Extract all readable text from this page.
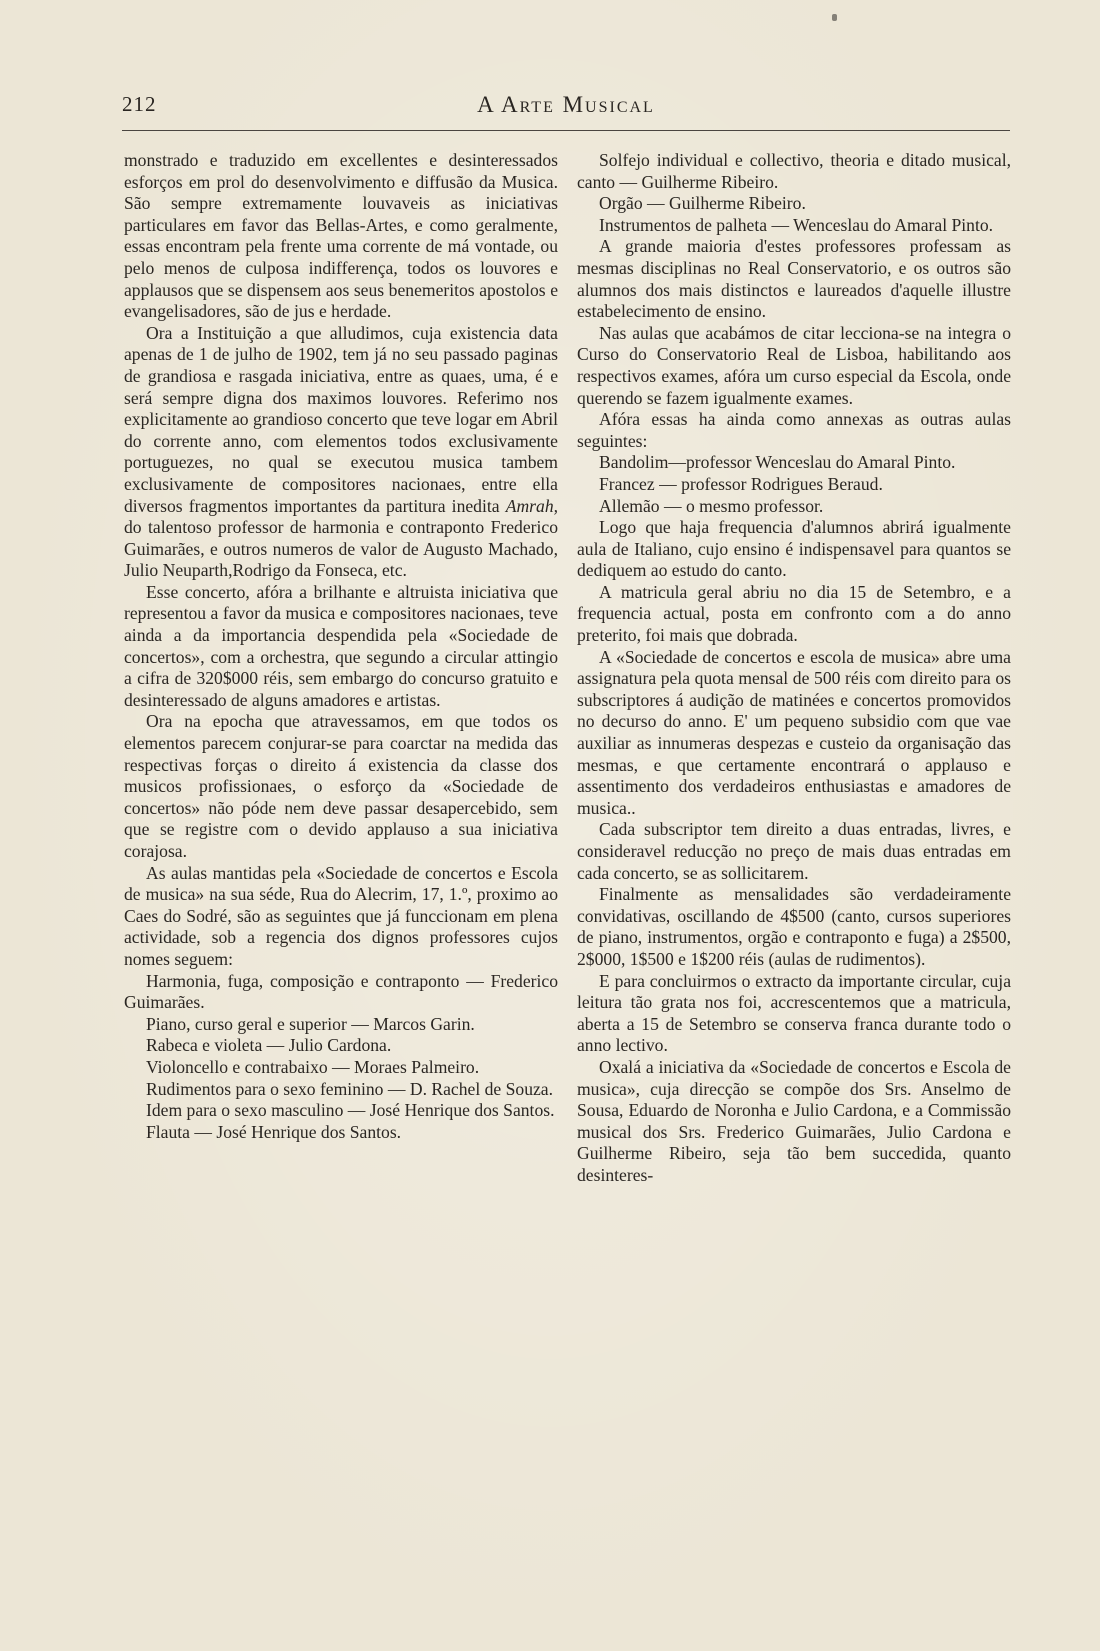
212	A Arte Musical

monstrado e traduzido em excellentes e desinteressados esforços em prol do desenvolvimento e diffusão da Musica. São sempre extremamente louvaveis as iniciativas particulares em favor das Bellas-Artes, e como geralmente, essas encontram pela frente uma corrente de má vontade, ou pelo menos de culposa indifferença, todos os louvores e applausos que se dispensem aos seus benemeritos apostolos e evangelisadores, são de jus e herdade.

Ora a Instituição a que alludimos, cuja existencia data apenas de 1 de julho de 1902, tem já no seu passado paginas de grandiosa e rasgada iniciativa, entre as quaes, uma, é e será sempre digna dos maximos louvores. Referimo nos explicitamente ao grandioso concerto que teve logar em Abril do corrente anno, com elementos todos exclusivamente portuguezes, no qual se executou musica tambem exclusivamente de compositores nacionaes, entre ella diversos fragmentos importantes da partitura inedita Amrah, do talentoso professor de harmonia e contraponto Frederico Guimarães, e outros numeros de valor de Augusto Machado, Julio Neuparth,Rodrigo da Fonseca, etc.

Esse concerto, afóra a brilhante e altruista iniciativa que representou a favor da musica e compositores nacionaes, teve ainda a da importancia despendida pela «Sociedade de concertos», com a orchestra, que segundo a circular attingio a cifra de 320$000 réis, sem embargo do concurso gratuito e desinteressado de alguns amadores e artistas.

Ora na epocha que atravessamos, em que todos os elementos parecem conjurar-se para coarctar na medida das respectivas forças o direito á existencia da classe dos musicos profissionaes, o esforço da «Sociedade de concertos» não póde nem deve passar desapercebido, sem que se registre com o devido applauso a sua iniciativa corajosa.

As aulas mantidas pela «Sociedade de concertos e Escola de musica» na sua séde, Rua do Alecrim, 17, 1.º, proximo ao Caes do Sodré, são as seguintes que já funccionam em plena actividade, sob a regencia dos dignos professores cujos nomes seguem:

Harmonia, fuga, composição e contraponto — Frederico Guimarães.

Piano, curso geral e superior — Marcos Garin.

Rabeca e violeta — Julio Cardona.

Violoncello e contrabaixo — Moraes Palmeiro.

Rudimentos para o sexo feminino — D. Rachel de Souza.

Idem para o sexo masculino — José Henrique dos Santos.

Flauta — José Henrique dos Santos.

Solfejo individual e collectivo, theoria e ditado musical, canto — Guilherme Ribeiro.

Orgão — Guilherme Ribeiro.

Instrumentos de palheta — Wenceslau do Amaral Pinto.

A grande maioria d'estes professores professam as mesmas disciplinas no Real Conservatorio, e os outros são alumnos dos mais distinctos e laureados d'aquelle illustre estabelecimento de ensino.

Nas aulas que acabámos de citar lecciona-se na integra o Curso do Conservatorio Real de Lisboa, habilitando aos respectivos exames, afóra um curso especial da Escola, onde querendo se fazem igualmente exames.

Afóra essas ha ainda como annexas as outras aulas seguintes:

Bandolim—professor Wenceslau do Amaral Pinto.

Francez — professor Rodrigues Beraud.

Allemão — o mesmo professor.

Logo que haja frequencia d'alumnos abrirá igualmente aula de Italiano, cujo ensino é indispensavel para quantos se dediquem ao estudo do canto.

A matricula geral abriu no dia 15 de Setembro, e a frequencia actual, posta em confronto com a do anno preterito, foi mais que dobrada.

A «Sociedade de concertos e escola de musica» abre uma assignatura pela quota mensal de 500 réis com direito para os subscriptores á audição de matinées e concertos promovidos no decurso do anno. E' um pequeno subsidio com que vae auxiliar as innumeras despezas e custeio da organisação das mesmas, e que certamente encontrará o applauso e assentimento dos verdadeiros enthusiastas e amadores de musica..

Cada subscriptor tem direito a duas entradas, livres, e consideravel reducção no preço de mais duas entradas em cada concerto, se as sollicitarem.

Finalmente as mensalidades são verdadeiramente convidativas, oscillando de 4$500 (canto, cursos superiores de piano, instrumentos, orgão e contraponto e fuga) a 2$500, 2$000, 1$500 e 1$200 réis (aulas de rudimentos).

E para concluirmos o extracto da importante circular, cuja leitura tão grata nos foi, accrescentemos que a matricula, aberta a 15 de Setembro se conserva franca durante todo o anno lectivo.

Oxalá a iniciativa da «Sociedade de concertos e Escola de musica», cuja direcção se compõe dos Srs. Anselmo de Sousa, Eduardo de Noronha e Julio Cardona, e a Commissão musical dos Srs. Frederico Guimarães, Julio Cardona e Guilherme Ribeiro, seja tão bem succedida, quanto desinteres-
